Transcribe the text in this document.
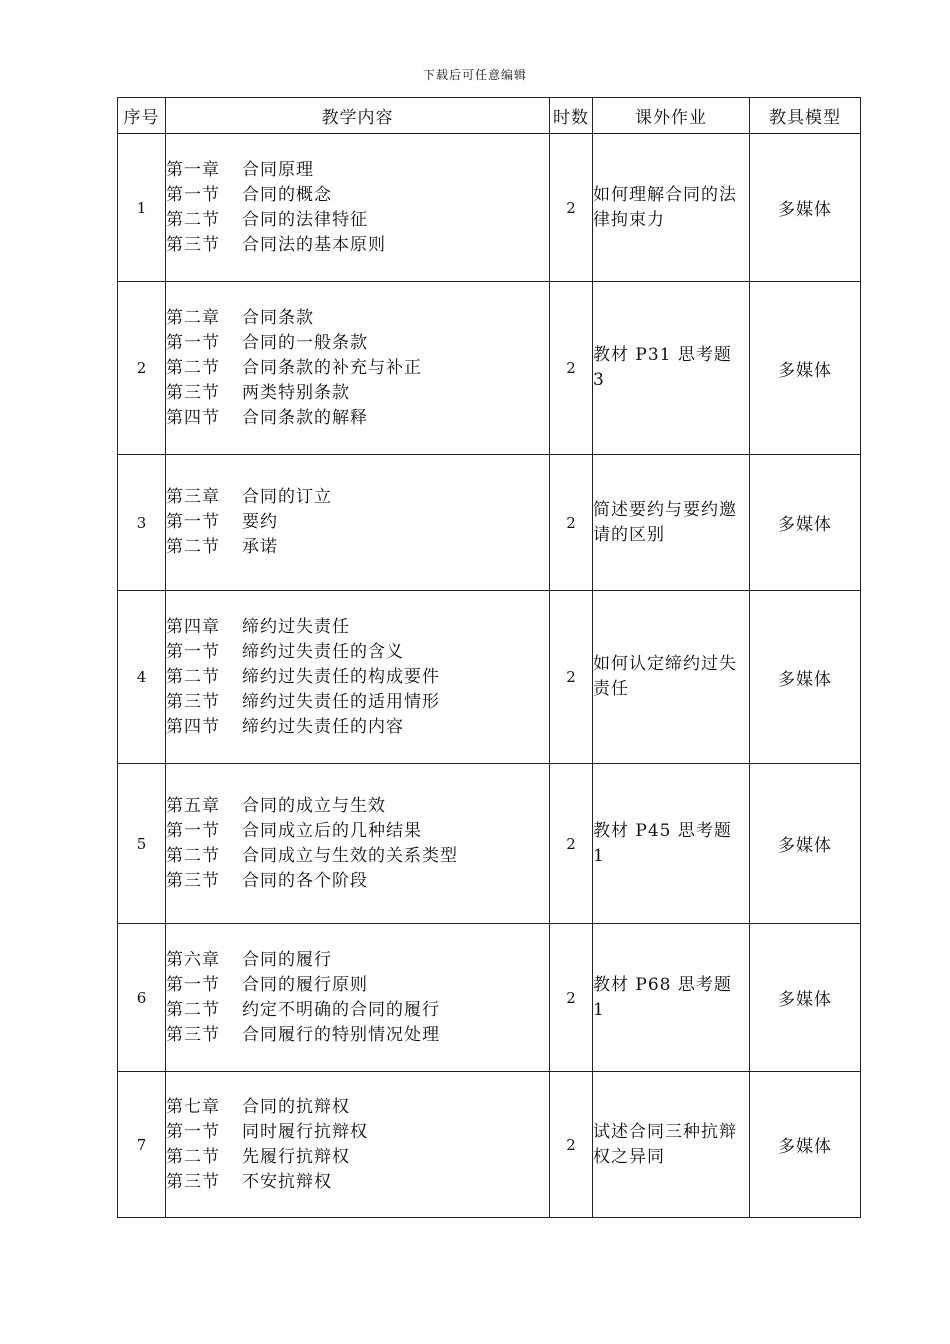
下载后可任意编辑
序号	教学内容	时数	课外作业	教具模型
1	第一章 合同原理
第一节 合同的概念
第二节 合同的法律特征
第三节 合同法的基本原则	2	如何理解合同的法律拘束力	多媒体
2	第二章 合同条款
第一节 合同的一般条款
第二节 合同条款的补充与补正
第三节 两类特别条款
第四节 合同条款的解释	2	教材 P31 思考题 3	多媒体
3	第三章 合同的订立
第一节 要约
第二节 承诺	2	简述要约与要约邀请的区别	多媒体
4	第四章 缔约过失责任
第一节 缔约过失责任的含义
第二节 缔约过失责任的构成要件
第三节 缔约过失责任的适用情形
第四节 缔约过失责任的内容	2	如何认定缔约过失责任	多媒体
5	第五章 合同的成立与生效
第一节 合同成立后的几种结果
第二节 合同成立与生效的关系类型
第三节 合同的各个阶段	2	教材 P45 思考题 1	多媒体
6	第六章 合同的履行
第一节 合同的履行原则
第二节 约定不明确的合同的履行
第三节 合同履行的特别情况处理	2	教材 P68 思考题 1	多媒体
7	第七章 合同的抗辩权
第一节 同时履行抗辩权
第二节 先履行抗辩权
第三节 不安抗辩权	2	试述合同三种抗辩权之异同	多媒体
